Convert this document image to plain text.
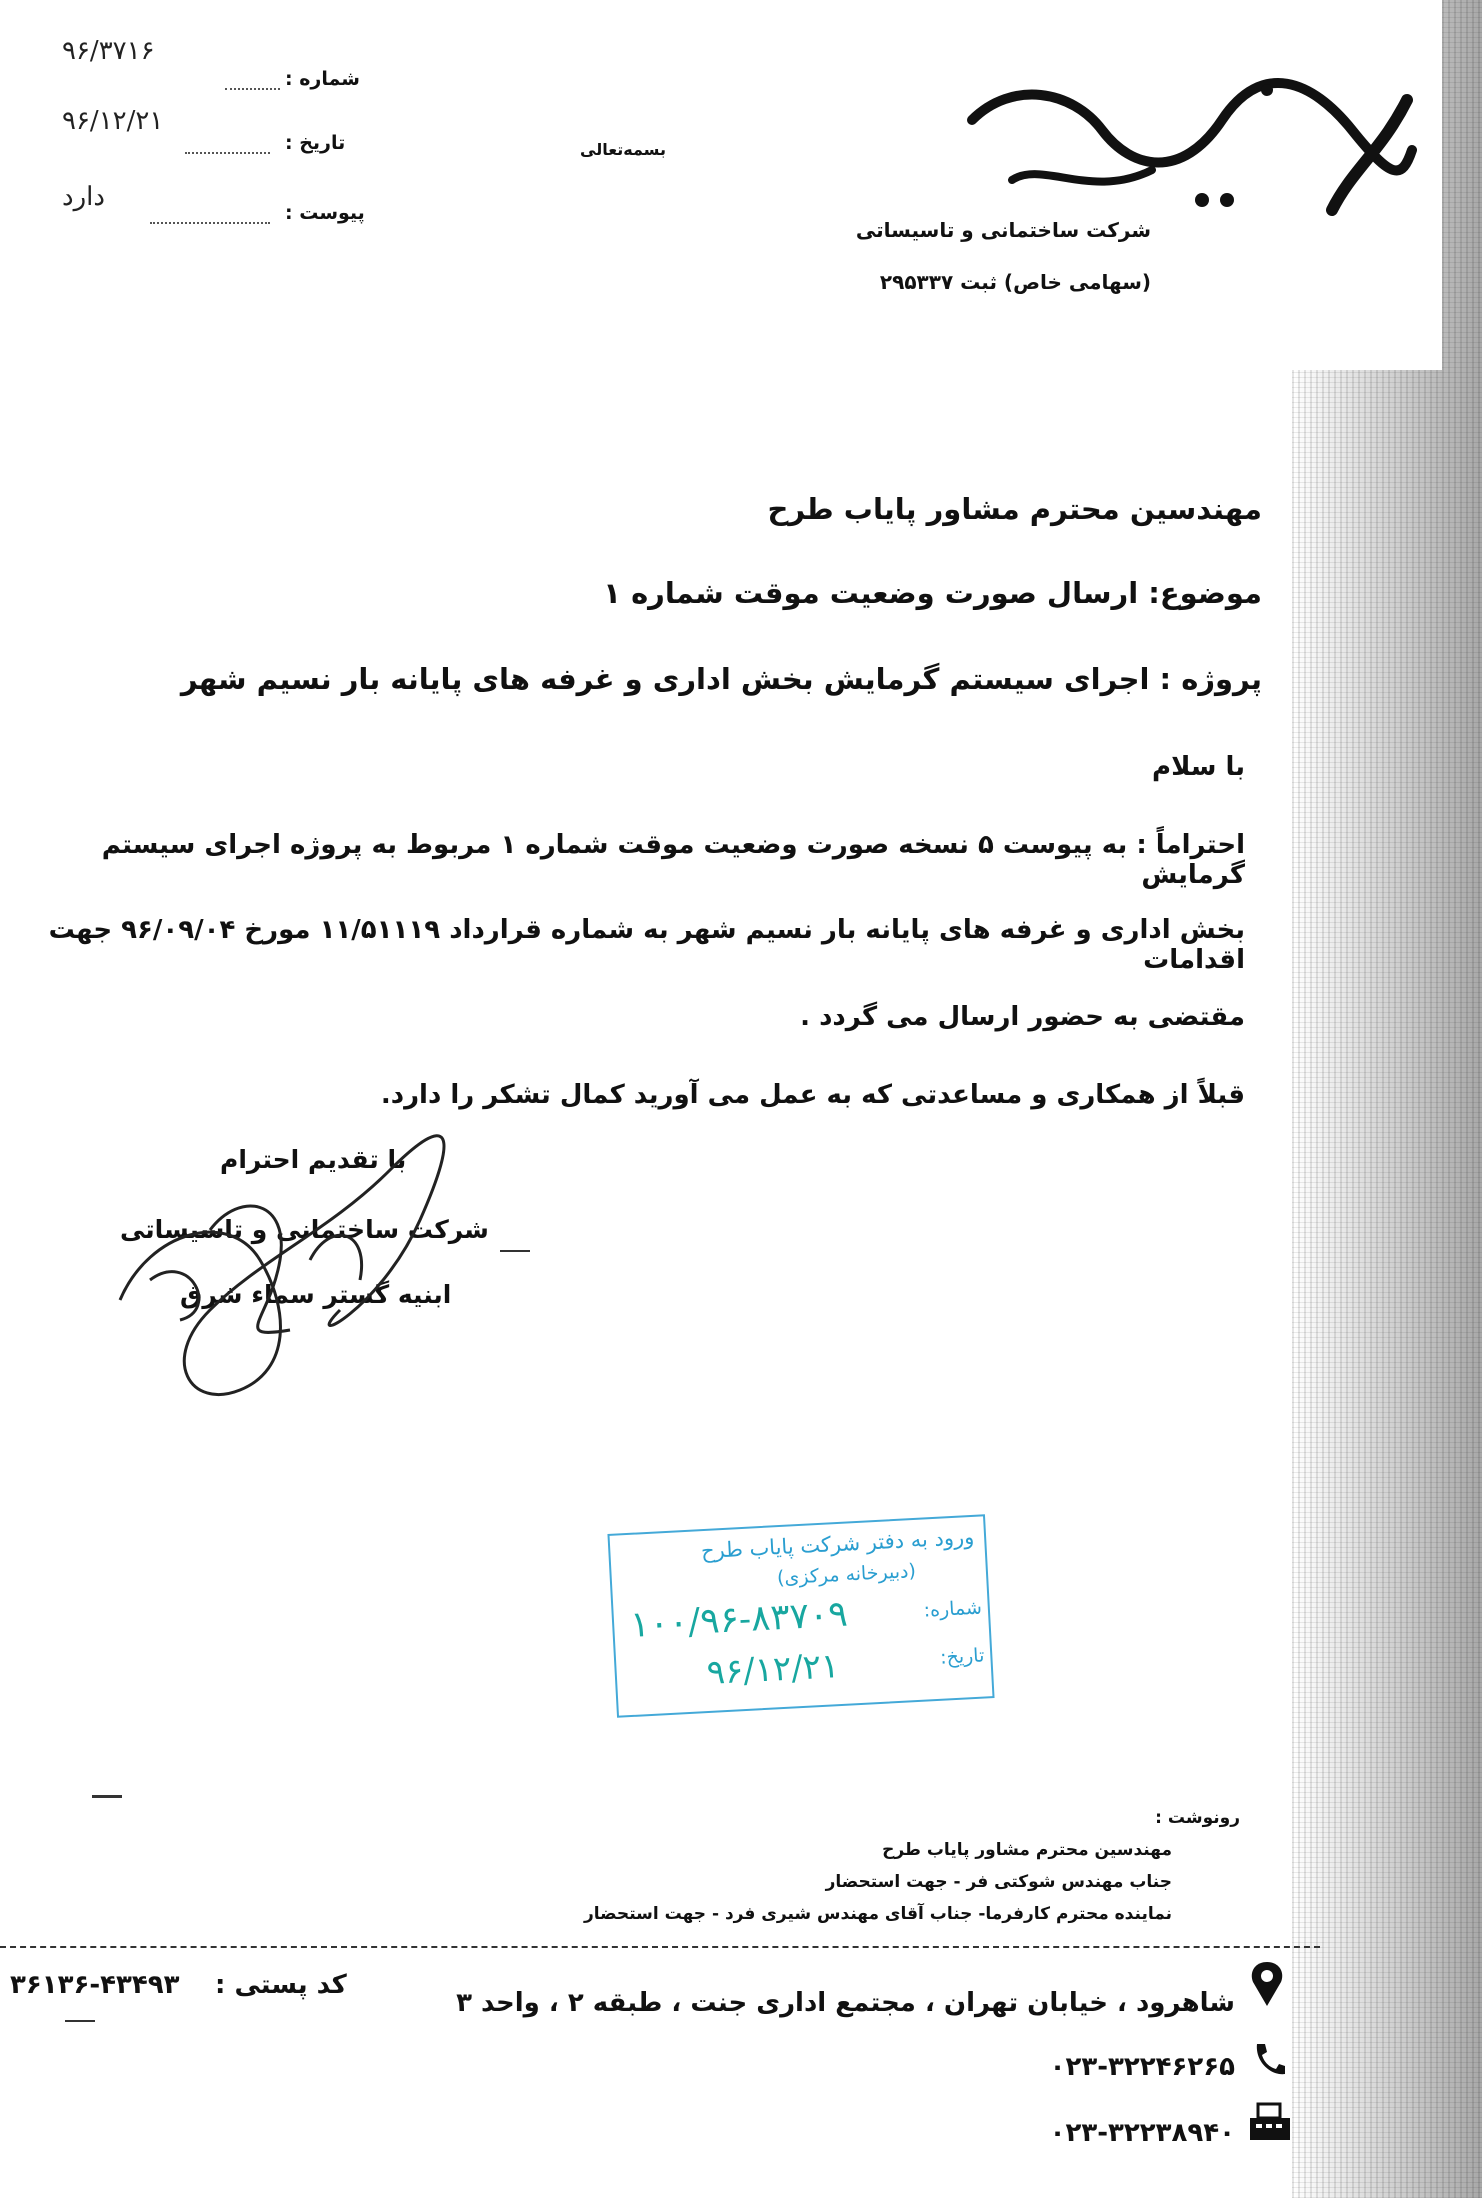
۹۶/۳۷۱۶
شماره :
۹۶/۱۲/۲۱
تاریخ :
دارد
پیوست :
بسمه‌تعالی
شرکت ساختمانی و تاسیساتی
(سهامی خاص) ثبت ۲۹۵۳۳۷
مهندسین محترم مشاور پایاب طرح
موضوع: ارسال صورت وضعیت موقت شماره ۱
پروژه : اجرای سیستم گرمایش بخش اداری و غرفه های پایانه بار نسیم شهر
با سلام
احتراماً : به پیوست ۵ نسخه صورت وضعیت موقت شماره ۱ مربوط به پروژه اجرای سیستم گرمایش
بخش اداری و غرفه های پایانه بار نسیم شهر به شماره قرارداد ۱۱/۵۱۱۱۹ مورخ ۹۶/۰۹/۰۴ جهت اقدامات
مقتضی به حضور ارسال می گردد .
قبلاً از همکاری و مساعدتی که به عمل می آورید کمال تشکر را دارد.
با تقدیم احترام
شرکت ساختمانی و تاسیساتی
ابنیه گستر سماء شرق
ورود به دفتر شرکت پایاب طرح
(دبیرخانه مرکزی)
شماره:
۱۰۰/۹۶-۸۳۷۰۹
تاریخ:
۹۶/۱۲/۲۱
رونوشت :
مهندسین محترم مشاور پایاب طرح
جناب مهندس شوکتی فر - جهت استحضار
نماینده محترم کارفرما- جناب آقای مهندس شیری فرد - جهت استحضار
۳۶۱۳۶-۴۳۴۹۳ کد پستی :
شاهرود ، خیابان تهران ، مجتمع اداری جنت ، طبقه ۲ ، واحد ۳
۰۲۳-۳۲۲۴۶۲۶۵
۰۲۳-۳۲۲۳۸۹۴۰
